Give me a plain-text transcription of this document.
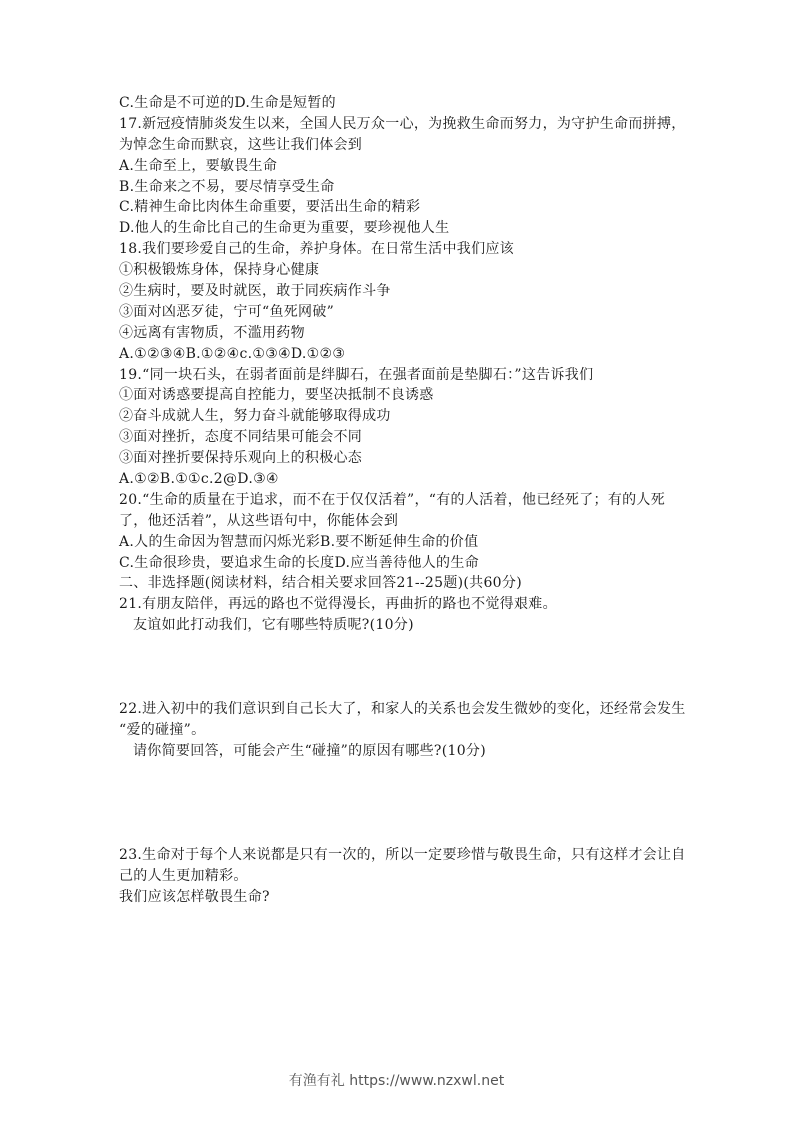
C.生命是不可逆的D.生命是短暂的
17.新冠疫情肺炎发生以来，全国人民万众一心，为挽救生命而努力，为守护生命而拼搏，
为悼念生命而默哀，这些让我们体会到
A.生命至上，要敏畏生命
B.生命来之不易，要尽情享受生命
C.精神生命比肉体生命重要，要活出生命的精彩
D.他人的生命比自己的生命更为重要，要珍视他人生
18.我们要珍爱自己的生命，养护身体。在日常生活中我们应该
①积极锻炼身体，保持身心健康
②生病时，要及时就医，敢于同疾病作斗争
③面对凶恶歹徒，宁可“鱼死网破”
④远离有害物质，不滥用药物
A.①②③④B.①②④c.①③④D.①②③
19.“同一块石头，在弱者面前是绊脚石，在强者面前是垫脚石：”这告诉我们
①面对诱惑要提高自控能力，要坚决抵制不良诱惑
②奋斗成就人生，努力奋斗就能够取得成功
③面对挫折，态度不同结果可能会不同
③面对挫折要保持乐观向上的积极心态
A.①②B.①①c.2@D.③④
20.“生命的质量在于追求，而不在于仅仅活着”，“有的人活着，他已经死了；有的人死
了，他还活着”，从这些语句中，你能体会到
A.人的生命因为智慧而闪烁光彩B.要不断延伸生命的价值
C.生命很珍贵，要追求生命的长度D.应当善待他人的生命
二、非选择题(阅读材料，结合相关要求回答21--25题)(共60分)
21.有朋友陪伴，再远的路也不觉得漫长，再曲折的路也不觉得艰难。
友谊如此打动我们，它有哪些特质呢?(10分)
22.进入初中的我们意识到自己长大了，和家人的关系也会发生微妙的变化，还经常会发生
“爱的碰撞”。
请你简要回答，可能会产生“碰撞”的原因有哪些?(10分)
23.生命对于每个人来说都是只有一次的，所以一定要珍惜与敬畏生命，只有这样才会让自
己的人生更加精彩。
我们应该怎样敬畏生命?
有渔有礼 https://www.nzxwl.net
